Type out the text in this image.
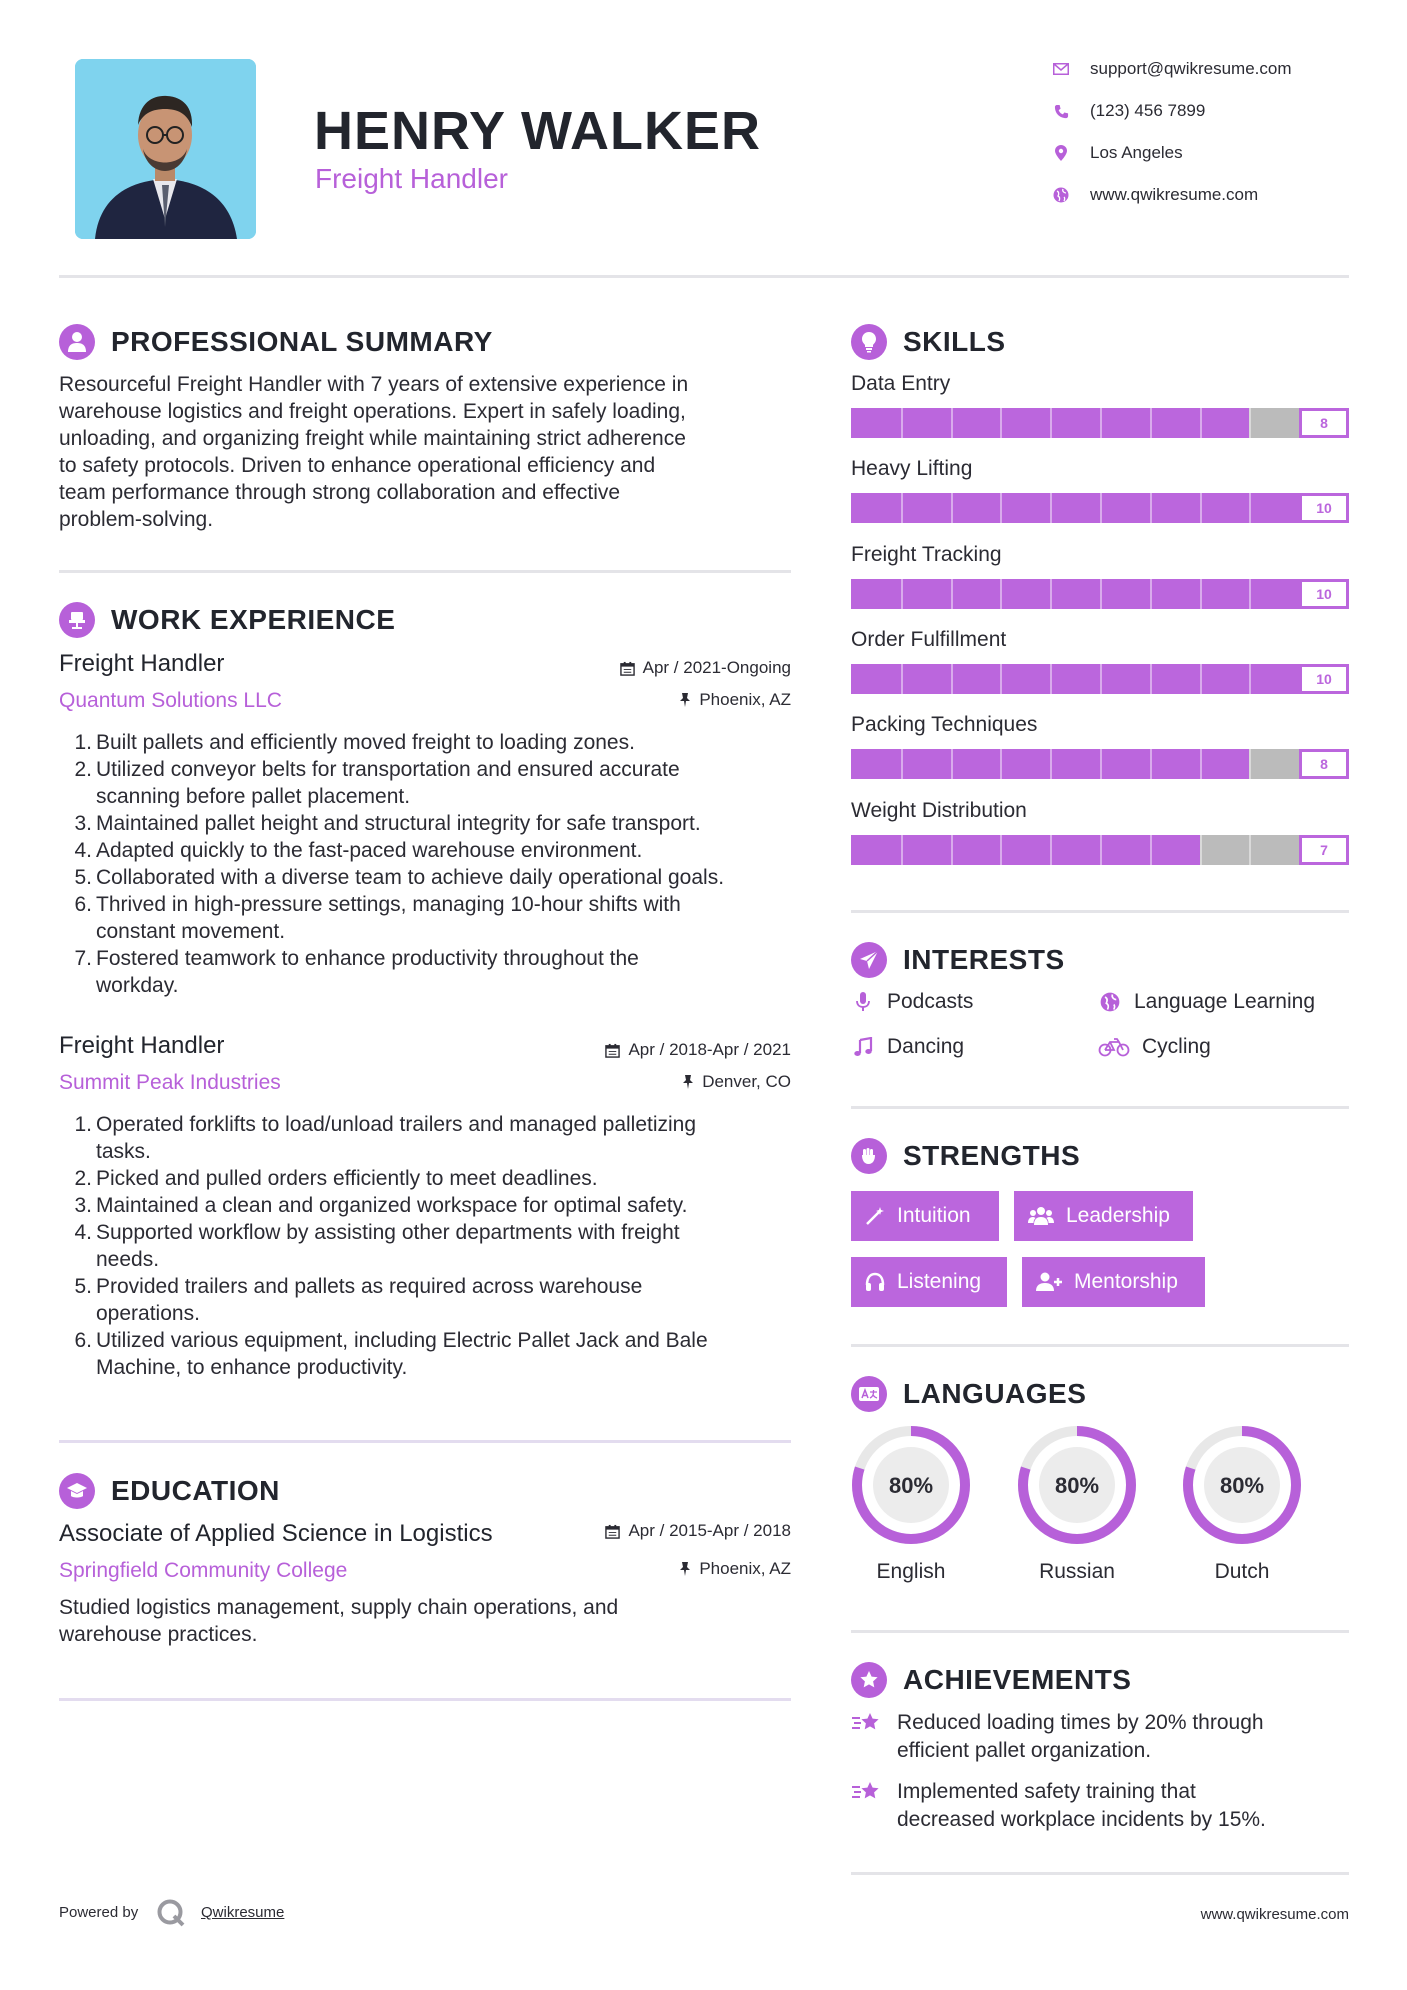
HENRY WALKER
Freight Handler
support@qwikresume.com
(123) 456 7899
Los Angeles
www.qwikresume.com
PROFESSIONAL SUMMARY
Resourceful Freight Handler with 7 years of extensive experience in
warehouse logistics and freight operations. Expert in safely loading,
unloading, and organizing freight while maintaining strict adherence
to safety protocols. Driven to enhance operational efficiency and
team performance through strong collaboration and effective
problem-solving.
WORK EXPERIENCE
Freight Handler	Apr / 2021-Ongoing
Quantum Solutions LLC	Phoenix, AZ
Built pallets and efficiently moved freight to loading zones.
Utilized conveyor belts for transportation and ensured accurate
scanning before pallet placement.
Maintained pallet height and structural integrity for safe transport.
Adapted quickly to the fast-paced warehouse environment.
Collaborated with a diverse team to achieve daily operational goals.
Thrived in high-pressure settings, managing 10-hour shifts with
constant movement.
Fostered teamwork to enhance productivity throughout the
workday.
Freight Handler	Apr / 2018-Apr / 2021
Summit Peak Industries	Denver, CO
Operated forklifts to load/unload trailers and managed palletizing
tasks.
Picked and pulled orders efficiently to meet deadlines.
Maintained a clean and organized workspace for optimal safety.
Supported workflow by assisting other departments with freight
needs.
Provided trailers and pallets as required across warehouse
operations.
Utilized various equipment, including Electric Pallet Jack and Bale
Machine, to enhance productivity.
EDUCATION
Associate of Applied Science in Logistics	Apr / 2015-Apr / 2018
Springfield Community College	Phoenix, AZ
Studied logistics management, supply chain operations, and
warehouse practices.
SKILLS
Data Entry
8
Heavy Lifting
10
Freight Tracking
10
Order Fulfillment
10
Packing Techniques
8
Weight Distribution
7
INTERESTS
Podcasts	Language Learning
Dancing	Cycling
STRENGTHS
Intuition	Leadership
Listening	Mentorship
LANGUAGES
80%
English
80%
Russian
80%
Dutch
ACHIEVEMENTS
Reduced loading times by 20% through
efficient pallet organization.
Implemented safety training that
decreased workplace incidents by 15%.
Powered by	Qwikresume	www.qwikresume.com
